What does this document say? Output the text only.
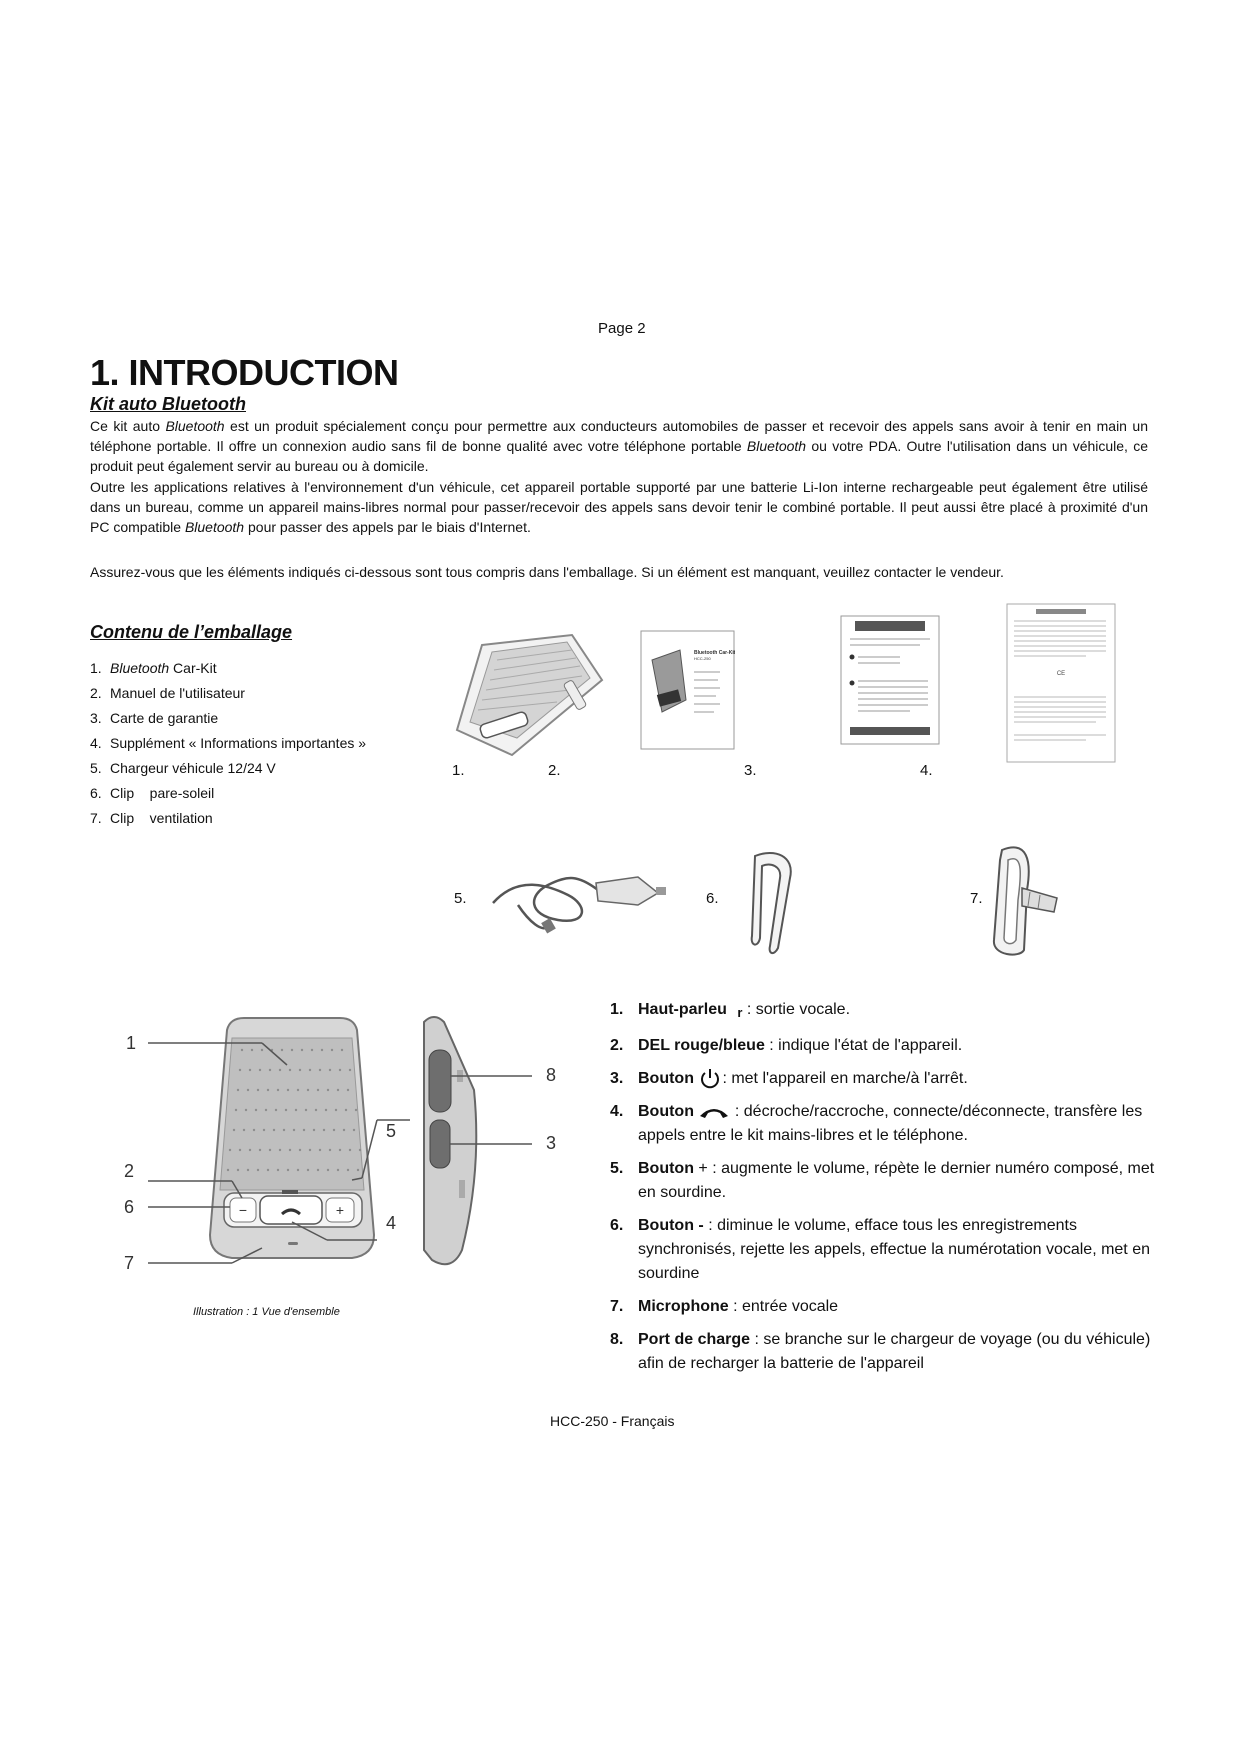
Page 2
1. INTRODUCTION
Kit auto Bluetooth

Ce kit auto Bluetooth est un produit spécialement conçu pour permettre aux conducteurs automobiles de passer et recevoir des appels sans avoir à tenir en main un téléphone portable. Il offre un connexion audio sans fil de bonne qualité avec votre téléphone portable Bluetooth ou votre PDA. Outre l'utilisation dans un véhicule, ce produit peut également servir au bureau ou à domicile.

Outre les applications relatives à l'environnement d'un véhicule, cet appareil portable supporté par une batterie Li-Ion interne rechargeable peut également être utilisé dans un bureau, comme un appareil mains-libres normal pour passer/recevoir des appels sans devoir tenir le combiné portable. Il peut aussi être placé à proximité d'un PC compatible Bluetooth pour passer des appels par le biais d'Internet.

Assurez-vous que les éléments indiqués ci-dessous sont tous compris dans l'emballage. Si un élément est manquant, veuillez contacter le vendeur.

Contenu de l’emballage
1. Bluetooth Car-Kit
2. Manuel de l'utilisateur
3. Carte de garantie
4. Supplément « Informations importantes »
5. Chargeur véhicule 12/24 V
6. Clip    pare-soleil
7. Clip    ventilation
Bluetooth Car-Kit
HCC-250
CE
1.	2.	3.	4.
5.	6.	7.
−	+
1
2
6
7
8
5
3
4
Illustration : 1 Vue d'ensemble
1. Haut-parleu r : sortie vocale.
2. DEL rouge/bleue : indique l'état de l'appareil.
3. Bouton : met l'appareil en marche/à l'arrêt.
4. Bouton
: décroche/raccroche, connecte/déconnecte, transfère les appels entre le kit mains-libres et le téléphone.
5. Bouton + : augmente le volume, répète le dernier numéro composé, met en sourdine.
6. Bouton - : diminue le volume, efface tous les enregistrements synchronisés, rejette les appels, effectue la numérotation vocale, met en sourdine
7. Microphone : entrée vocale
8. Port de charge : se branche sur le chargeur de voyage (ou du véhicule) afin de recharger la batterie de l'appareil
HCC-250 - Français
